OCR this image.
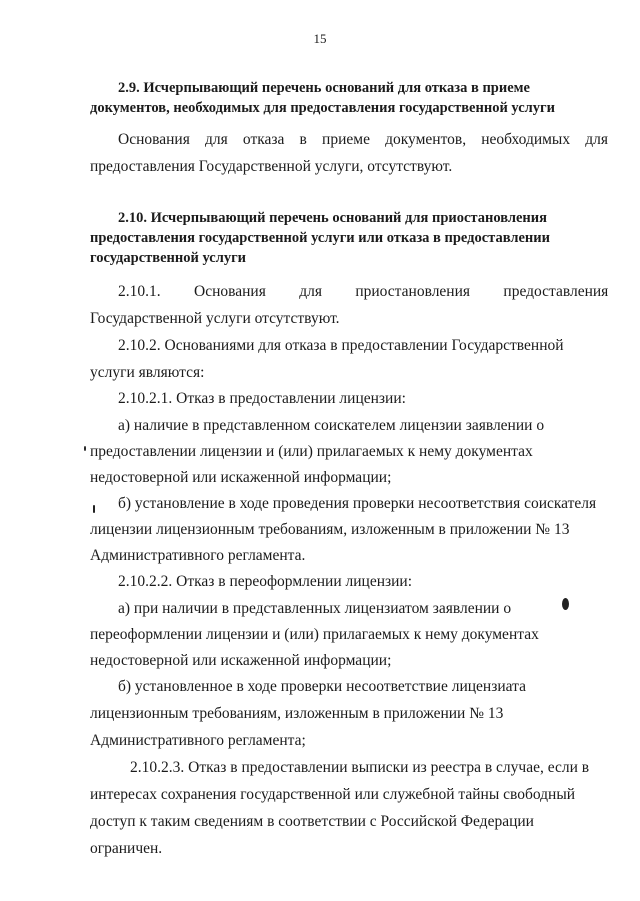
15

2.9. Исчерпывающий перечень оснований для отказа в приеме

документов, необходимых для предоставления государственной услуги

Основания для отказа в приеме документов, необходимых для

предоставления Государственной услуги, отсутствуют.

2.10. Исчерпывающий перечень оснований для приостановления

предоставления государственной услуги или отказа в предоставлении

государственной услуги

2.10.1. Основания для приостановления предоставления

Государственной услуги отсутствуют.

2.10.2. Основаниями для отказа в предоставлении Государственной

услуги являются:

2.10.2.1. Отказ в предоставлении лицензии:

а) наличие в представленном соискателем лицензии заявлении о

предоставлении лицензии и (или) прилагаемых к нему документах

недостоверной или искаженной информации;

б) установление в ходе проведения проверки несоответствия соискателя

лицензии лицензионным требованиям, изложенным в приложении № 13

Административного регламента.

2.10.2.2. Отказ в переоформлении лицензии:

а) при наличии в представленных лицензиатом заявлении о

переоформлении лицензии и (или) прилагаемых к нему документах

недостоверной или искаженной информации;

б) установленное в ходе проверки несоответствие лицензиата

лицензионным требованиям, изложенным в приложении № 13

Административного регламента;

2.10.2.3. Отказ в предоставлении выписки из реестра в случае, если в

интересах сохранения государственной или служебной тайны свободный

доступ к таким сведениям в соответствии с Российской Федерации

ограничен.
